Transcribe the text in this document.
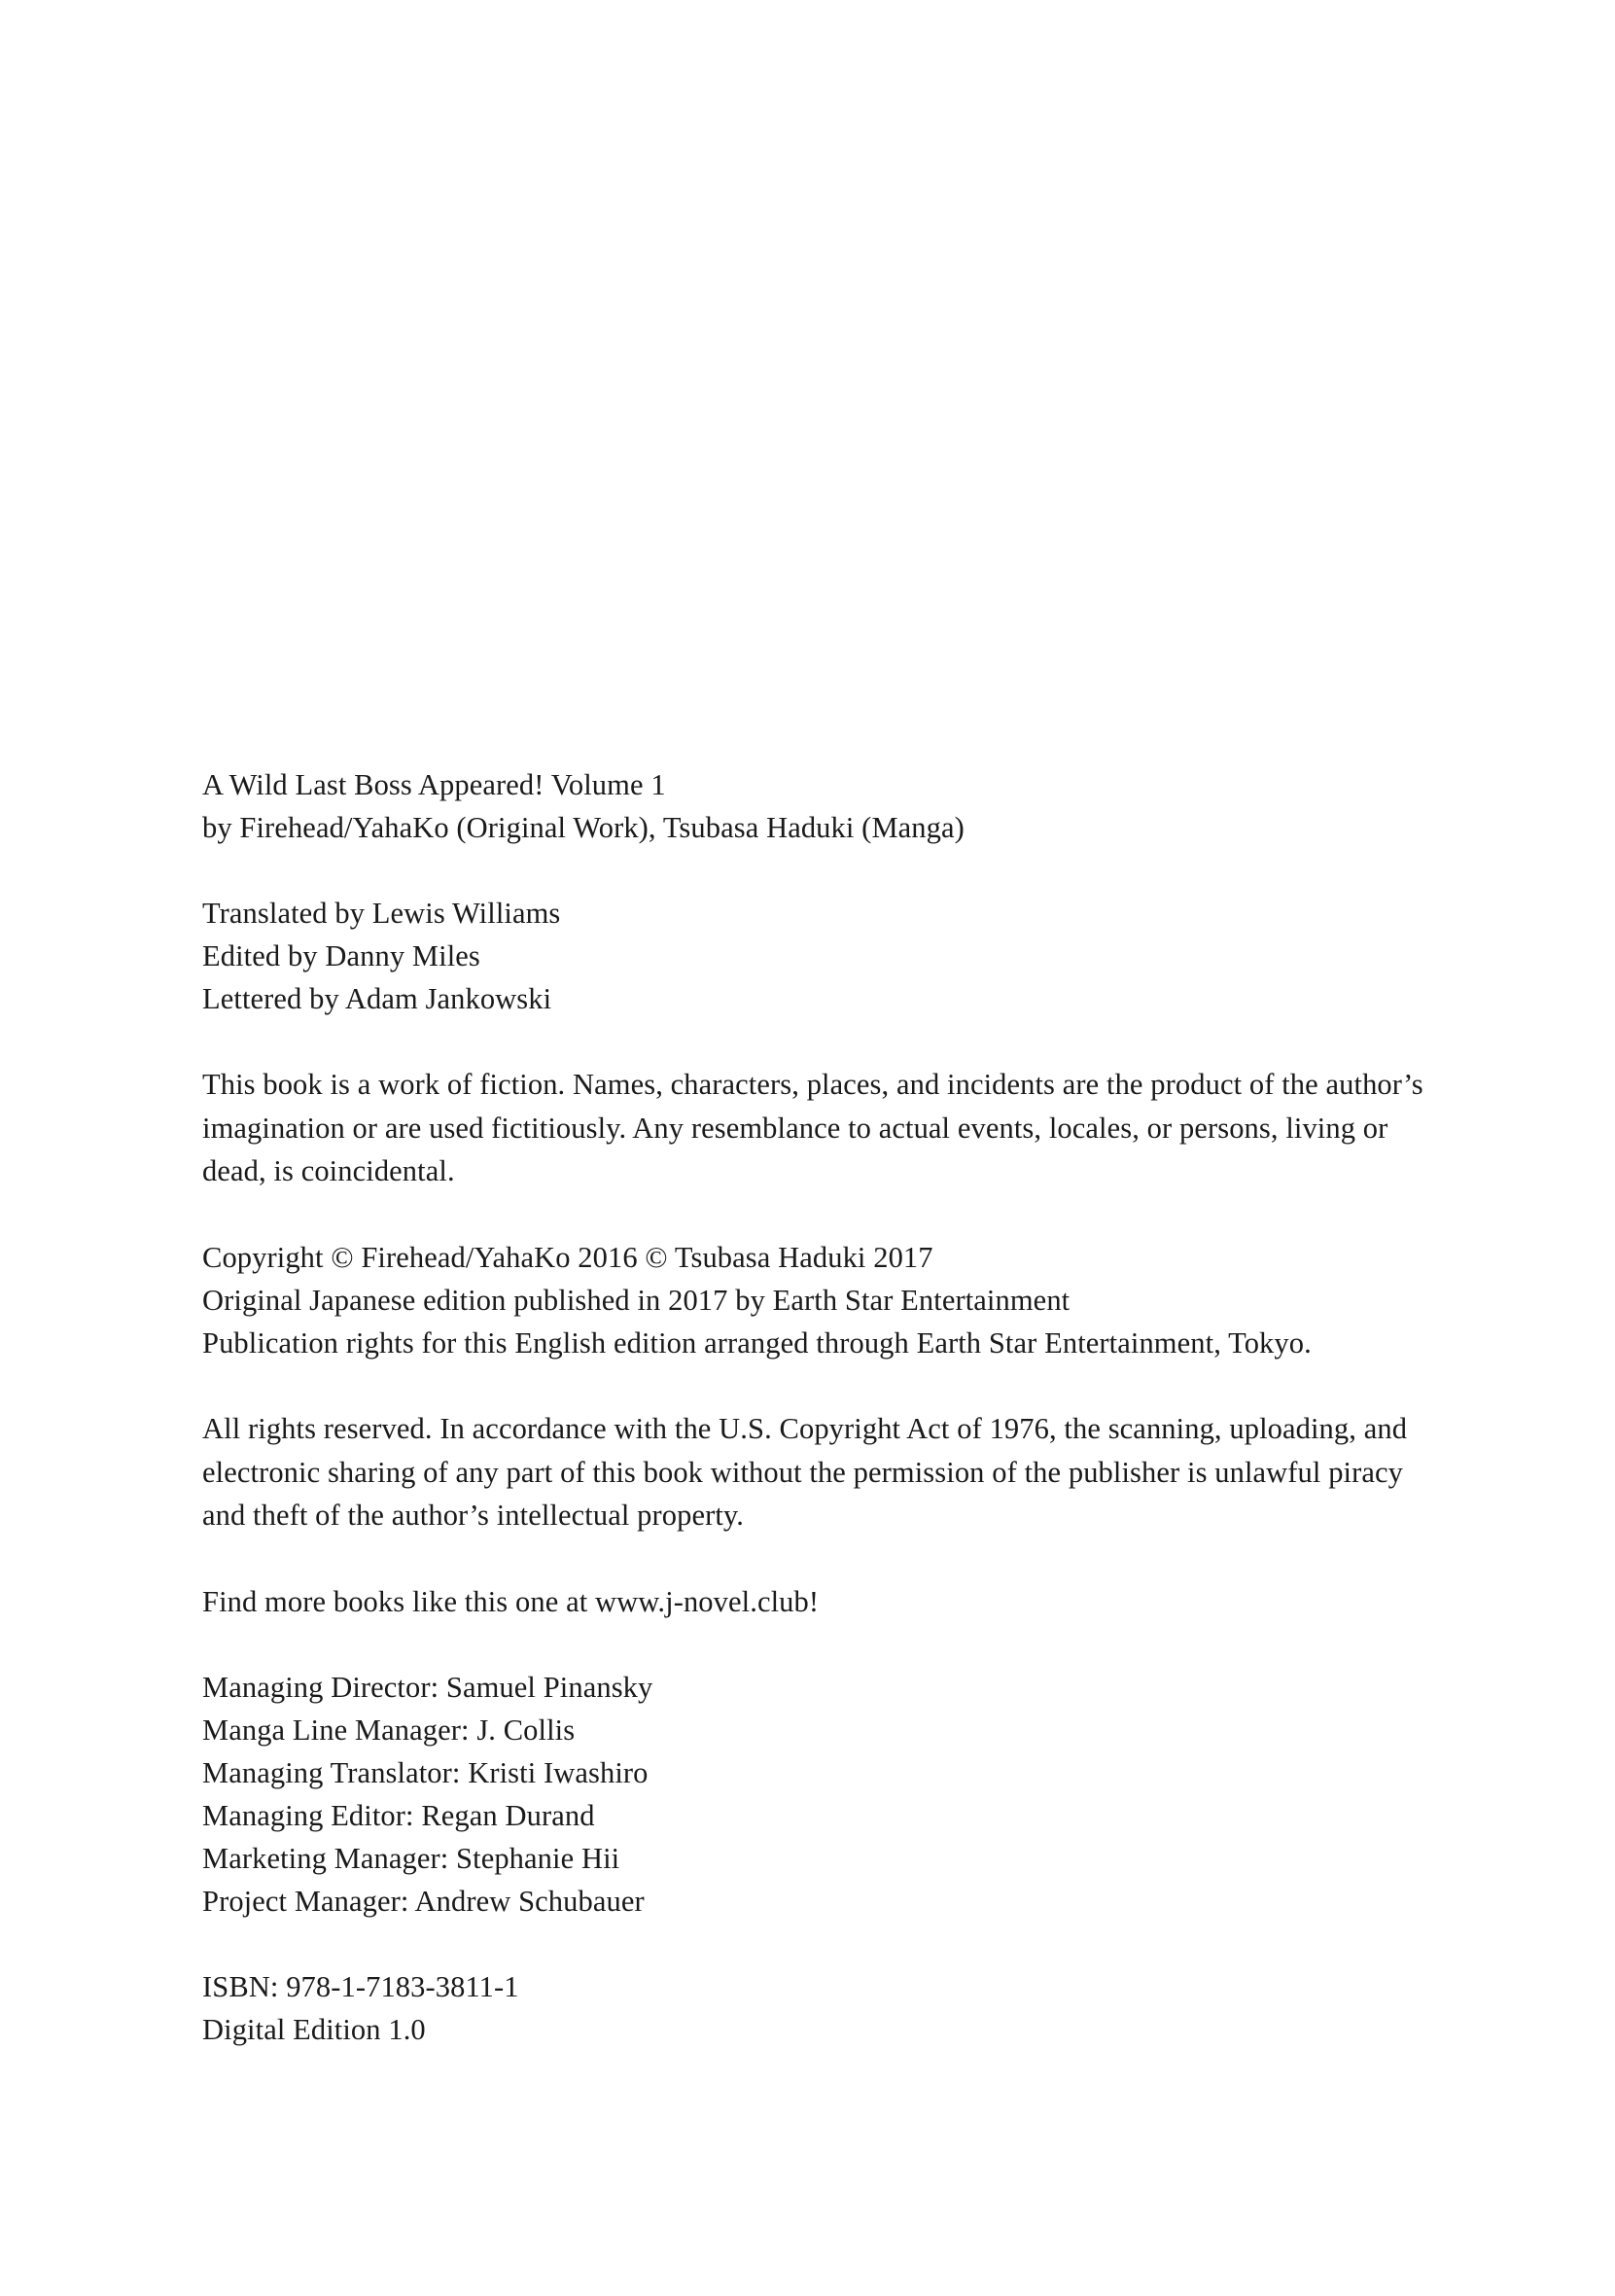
A Wild Last Boss Appeared! Volume 1
by Firehead/YahaKo (Original Work), Tsubasa Haduki (Manga)
Translated by Lewis Williams
Edited by Danny Miles
Lettered by Adam Jankowski
This book is a work of fiction. Names, characters, places, and incidents are the product of the author’s imagination or are used fictitiously. Any resemblance to actual events, locales, or persons, living or dead, is coincidental.
Copyright © Firehead/YahaKo 2016 © Tsubasa Haduki 2017
Original Japanese edition published in 2017 by Earth Star Entertainment
Publication rights for this English edition arranged through Earth Star Entertainment, Tokyo.
All rights reserved. In accordance with the U.S. Copyright Act of 1976, the scanning, uploading, and electronic sharing of any part of this book without the permission of the publisher is unlawful piracy and theft of the author’s intellectual property.
Find more books like this one at www.j-novel.club!
Managing Director: Samuel Pinansky
Manga Line Manager: J. Collis
Managing Translator: Kristi Iwashiro
Managing Editor: Regan Durand
Marketing Manager: Stephanie Hii
Project Manager: Andrew Schubauer
ISBN: 978-1-7183-3811-1
Digital Edition 1.0
